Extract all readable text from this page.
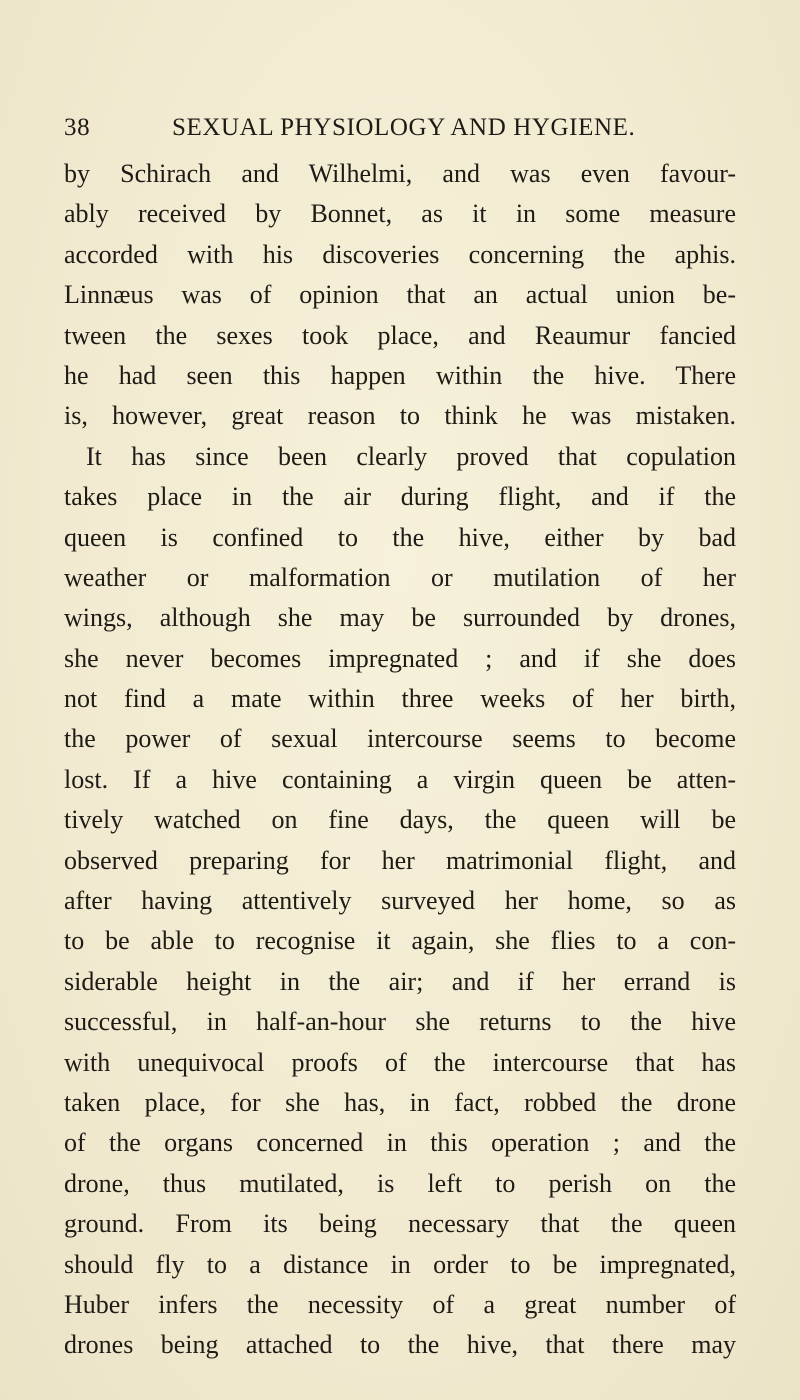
38	SEXUAL PHYSIOLOGY AND HYGIENE.
by Schirach and Wilhelmi, and was even favour-
ably received by Bonnet, as it in some measure
accorded with his discoveries concerning the aphis.
Linnæus was of opinion that an actual union be-
tween the sexes took place, and Reaumur fancied
he had seen this happen within the hive. There
is, however, great reason to think he was mistaken.
It has since been clearly proved that copulation
takes place in the air during flight, and if the
queen is confined to the hive, either by bad
weather or malformation or mutilation of her
wings, although she may be surrounded by drones,
she never becomes impregnated ; and if she does
not find a mate within three weeks of her birth,
the power of sexual intercourse seems to become
lost. If a hive containing a virgin queen be atten-
tively watched on fine days, the queen will be
observed preparing for her matrimonial flight, and
after having attentively surveyed her home, so as
to be able to recognise it again, she flies to a con-
siderable height in the air; and if her errand is
successful, in half-an-hour she returns to the hive
with unequivocal proofs of the intercourse that has
taken place, for she has, in fact, robbed the drone
of the organs concerned in this operation ; and the
drone, thus mutilated, is left to perish on the
ground. From its being necessary that the queen
should fly to a distance in order to be impregnated,
Huber infers the necessity of a great number of
drones being attached to the hive, that there may
